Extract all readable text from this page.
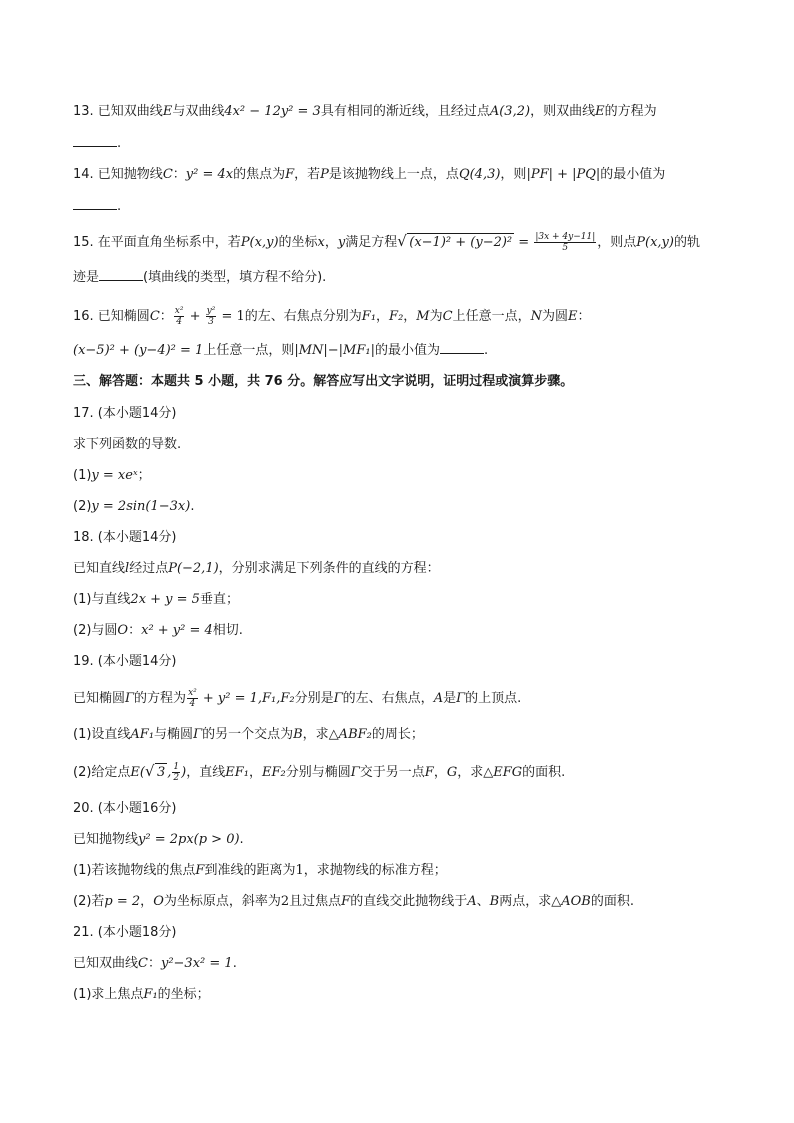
13. 已知双曲线E与双曲线4x² − 12y² = 3具有相同的渐近线，且经过点A(3,2)，则双曲线E的方程为
.
14. 已知抛物线C：y² = 4x的焦点为F，若P是该抛物线上一点，点Q(4,3)，则|PF| + |PQ|的最小值为
.
15. 在平面直角坐标系中，若P(x,y)的坐标x，y满足方程 √ $(x-1)^2 + (y-2)^2 = \frac{|3x + 4y-11|}{5}$ ，则点P(x,y)的轨
迹是	(填曲线的类型，填方程不给分).
16. 已知椭圆C： $\frac{\text{x²}}{4} + \frac{\text{y²}}{3} = 1$的左、右焦点分别为F₁，F₂，M为C上任意一点，N为圆E：
(x−5)² + (y−4)² = 1上任意一点，则|MN|−|MF₁|的最小值为	.
三、解答题：本题共 5 小题，共 76 分。解答应写出文字说明，证明过程或演算步骤。
17. (本小题14分)
求下列函数的导数.
(1)y = xeˣ；
(2)y = 2sin(1−3x).
18. (本小题14分)
已知直线l经过点P(−2,1)，分别求满足下列条件的直线的方程：
(1)与直线2x + y = 5垂直；
(2)与圆O：x² + y² = 4相切.
19. (本小题14分)
已知椭圆Γ的方程为 $\frac{\text{x²}}{4} + y^2 = 1,F_1,F_2$分别是Γ的左、右焦点，A是Γ的上顶点.
(1)设直线AF₁与椭圆Γ的另一个交点为B，求△ABF₂的周长；
(2)给定点E( √ 3 , $\frac{1}{2}$ )，直线EF₁，EF₂分别与椭圆Γ交于另一点F，G，求△EFG的面积.
20. (本小题16分)
已知抛物线y² = 2px(p > 0).
(1)若该抛物线的焦点F到准线的距离为1，求抛物线的标准方程；
(2)若p = 2，O为坐标原点，斜率为2且过焦点F的直线交此抛物线于A、B两点，求△AOB的面积.
21. (本小题18分)
已知双曲线C：y²−3x² = 1.
(1)求上焦点F₁的坐标；
